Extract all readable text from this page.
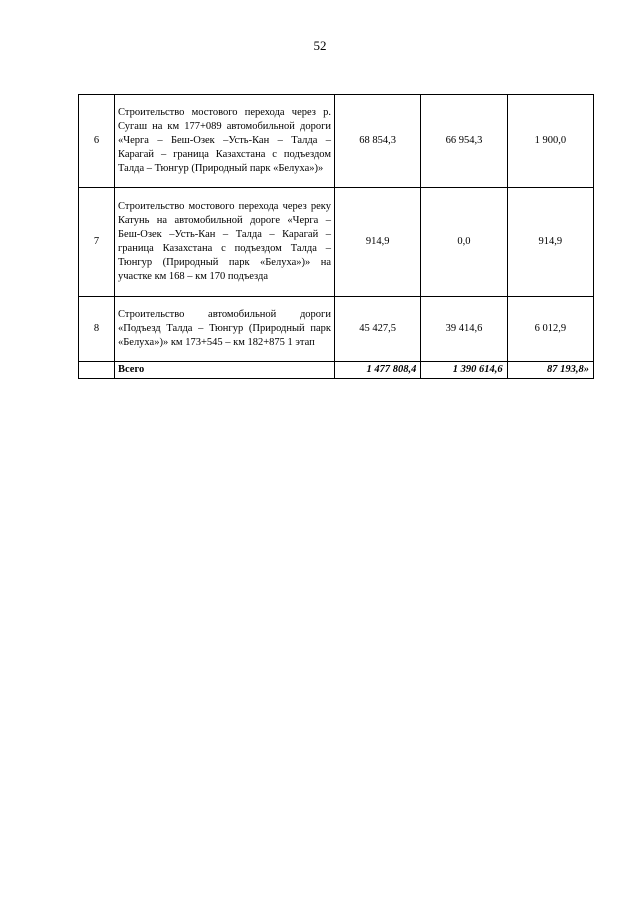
52
6	Строительство мостового перехода через р. Сугаш на км 177+089 автомобильной дороги «Черга – Беш-Озек –Усть-Кан – Талда – Карагай – граница Казахстана с подъездом Талда – Тюнгур (Природный парк «Белуха»)»	68 854,3	66 954,3	1 900,0
7	Строительство мостового перехода через реку Катунь на автомобильной дороге «Черга – Беш-Озек –Усть-Кан – Талда – Карагай – граница Казахстана с подъездом Талда – Тюнгур (Природный парк «Белуха»)» на участке км 168 – км 170 подъезда	914,9	0,0	914,9
8	Строительство автомобильной дороги «Подъезд Талда – Тюнгур (Природный парк «Белуха»)» км 173+545 – км 182+875 1 этап	45 427,5	39 414,6	6 012,9
	Всего	1 477 808,4	1 390 614,6	87 193,8»
